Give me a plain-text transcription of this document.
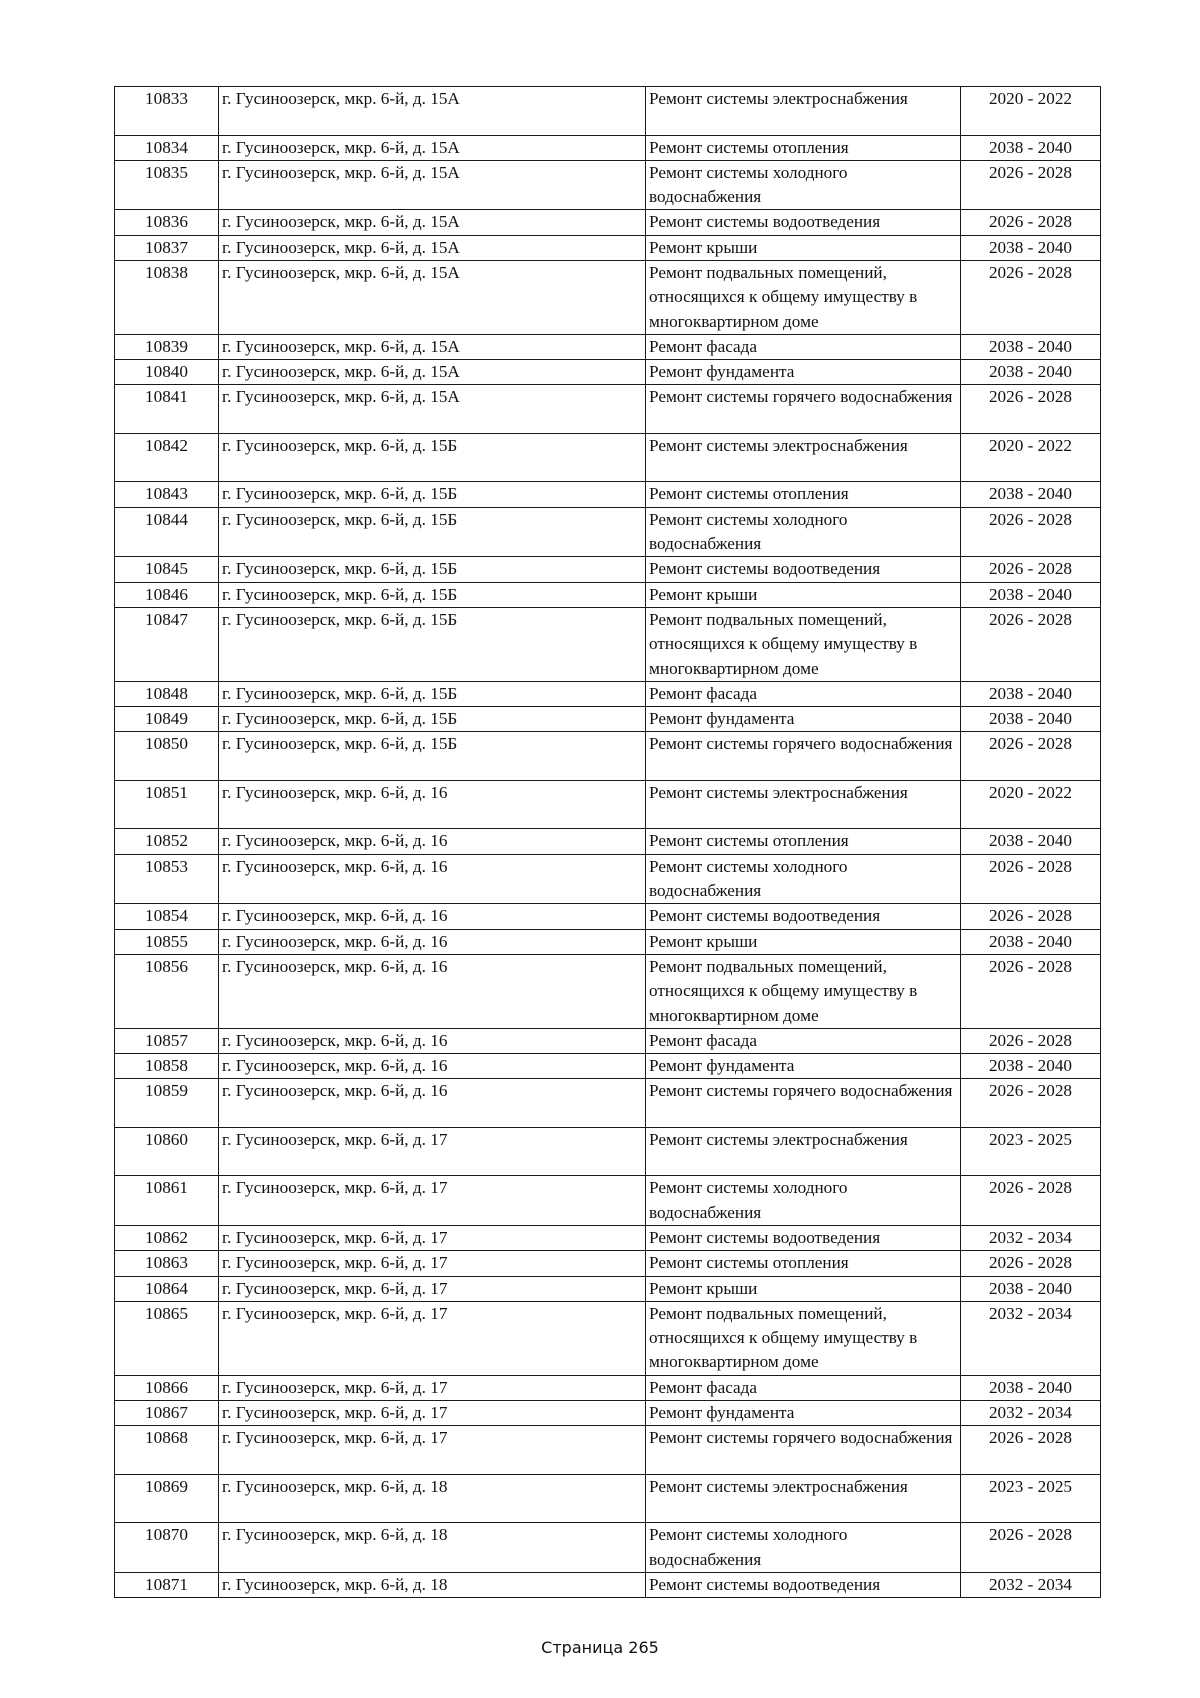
10833	г. Гусиноозерск, мкр. 6-й, д. 15А	Ремонт системы электроснабжения	2020 - 2022
10834	г. Гусиноозерск, мкр. 6-й, д. 15А	Ремонт системы отопления	2038 - 2040
10835	г. Гусиноозерск, мкр. 6-й, д. 15А	Ремонт системы холодного водоснабжения	2026 - 2028
10836	г. Гусиноозерск, мкр. 6-й, д. 15А	Ремонт системы водоотведения	2026 - 2028
10837	г. Гусиноозерск, мкр. 6-й, д. 15А	Ремонт крыши	2038 - 2040
10838	г. Гусиноозерск, мкр. 6-й, д. 15А	Ремонт подвальных помещений, относящихся к общему имуществу в многоквартирном доме	2026 - 2028
10839	г. Гусиноозерск, мкр. 6-й, д. 15А	Ремонт фасада	2038 - 2040
10840	г. Гусиноозерск, мкр. 6-й, д. 15А	Ремонт фундамента	2038 - 2040
10841	г. Гусиноозерск, мкр. 6-й, д. 15А	Ремонт системы горячего водоснабжения	2026 - 2028
10842	г. Гусиноозерск, мкр. 6-й, д. 15Б	Ремонт системы электроснабжения	2020 - 2022
10843	г. Гусиноозерск, мкр. 6-й, д. 15Б	Ремонт системы отопления	2038 - 2040
10844	г. Гусиноозерск, мкр. 6-й, д. 15Б	Ремонт системы холодного водоснабжения	2026 - 2028
10845	г. Гусиноозерск, мкр. 6-й, д. 15Б	Ремонт системы водоотведения	2026 - 2028
10846	г. Гусиноозерск, мкр. 6-й, д. 15Б	Ремонт крыши	2038 - 2040
10847	г. Гусиноозерск, мкр. 6-й, д. 15Б	Ремонт подвальных помещений, относящихся к общему имуществу в многоквартирном доме	2026 - 2028
10848	г. Гусиноозерск, мкр. 6-й, д. 15Б	Ремонт фасада	2038 - 2040
10849	г. Гусиноозерск, мкр. 6-й, д. 15Б	Ремонт фундамента	2038 - 2040
10850	г. Гусиноозерск, мкр. 6-й, д. 15Б	Ремонт системы горячего водоснабжения	2026 - 2028
10851	г. Гусиноозерск, мкр. 6-й, д. 16	Ремонт системы электроснабжения	2020 - 2022
10852	г. Гусиноозерск, мкр. 6-й, д. 16	Ремонт системы отопления	2038 - 2040
10853	г. Гусиноозерск, мкр. 6-й, д. 16	Ремонт системы холодного водоснабжения	2026 - 2028
10854	г. Гусиноозерск, мкр. 6-й, д. 16	Ремонт системы водоотведения	2026 - 2028
10855	г. Гусиноозерск, мкр. 6-й, д. 16	Ремонт крыши	2038 - 2040
10856	г. Гусиноозерск, мкр. 6-й, д. 16	Ремонт подвальных помещений, относящихся к общему имуществу в многоквартирном доме	2026 - 2028
10857	г. Гусиноозерск, мкр. 6-й, д. 16	Ремонт фасада	2026 - 2028
10858	г. Гусиноозерск, мкр. 6-й, д. 16	Ремонт фундамента	2038 - 2040
10859	г. Гусиноозерск, мкр. 6-й, д. 16	Ремонт системы горячего водоснабжения	2026 - 2028
10860	г. Гусиноозерск, мкр. 6-й, д. 17	Ремонт системы электроснабжения	2023 - 2025
10861	г. Гусиноозерск, мкр. 6-й, д. 17	Ремонт системы холодного водоснабжения	2026 - 2028
10862	г. Гусиноозерск, мкр. 6-й, д. 17	Ремонт системы водоотведения	2032 - 2034
10863	г. Гусиноозерск, мкр. 6-й, д. 17	Ремонт системы отопления	2026 - 2028
10864	г. Гусиноозерск, мкр. 6-й, д. 17	Ремонт крыши	2038 - 2040
10865	г. Гусиноозерск, мкр. 6-й, д. 17	Ремонт подвальных помещений, относящихся к общему имуществу в многоквартирном доме	2032 - 2034
10866	г. Гусиноозерск, мкр. 6-й, д. 17	Ремонт фасада	2038 - 2040
10867	г. Гусиноозерск, мкр. 6-й, д. 17	Ремонт фундамента	2032 - 2034
10868	г. Гусиноозерск, мкр. 6-й, д. 17	Ремонт системы горячего водоснабжения	2026 - 2028
10869	г. Гусиноозерск, мкр. 6-й, д. 18	Ремонт системы электроснабжения	2023 - 2025
10870	г. Гусиноозерск, мкр. 6-й, д. 18	Ремонт системы холодного водоснабжения	2026 - 2028
10871	г. Гусиноозерск, мкр. 6-й, д. 18	Ремонт системы водоотведения	2032 - 2034
Страница 265
